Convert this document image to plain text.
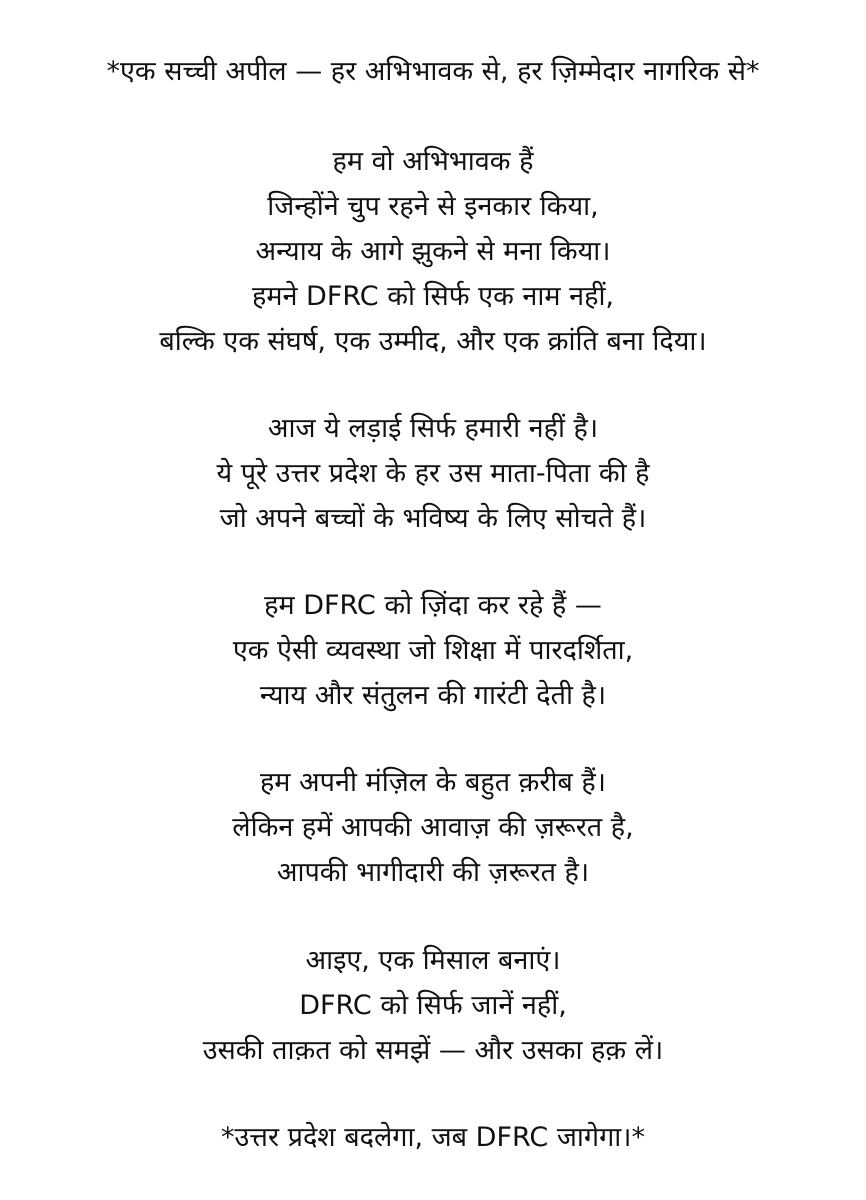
*एक सच्ची अपील — हर अभिभावक से, हर ज़िम्मेदार नागरिक से*
हम वो अभिभावक हैं
जिन्होंने चुप रहने से इनकार किया,
अन्याय के आगे झुकने से मना किया।
हमने DFRC को सिर्फ एक नाम नहीं,
बल्कि एक संघर्ष, एक उम्मीद, और एक क्रांति बना दिया।
आज ये लड़ाई सिर्फ हमारी नहीं है।
ये पूरे उत्तर प्रदेश के हर उस माता-पिता की है
जो अपने बच्चों के भविष्य के लिए सोचते हैं।
हम DFRC को ज़िंदा कर रहे हैं —
एक ऐसी व्यवस्था जो शिक्षा में पारदर्शिता,
न्याय और संतुलन की गारंटी देती है।
हम अपनी मंज़िल के बहुत क़रीब हैं।
लेकिन हमें आपकी आवाज़ की ज़रूरत है,
आपकी भागीदारी की ज़रूरत है।
आइए, एक मिसाल बनाएं।
DFRC को सिर्फ जानें नहीं,
उसकी ताक़त को समझें — और उसका हक़ लें।
*उत्तर प्रदेश बदलेगा, जब DFRC जागेगा।*
